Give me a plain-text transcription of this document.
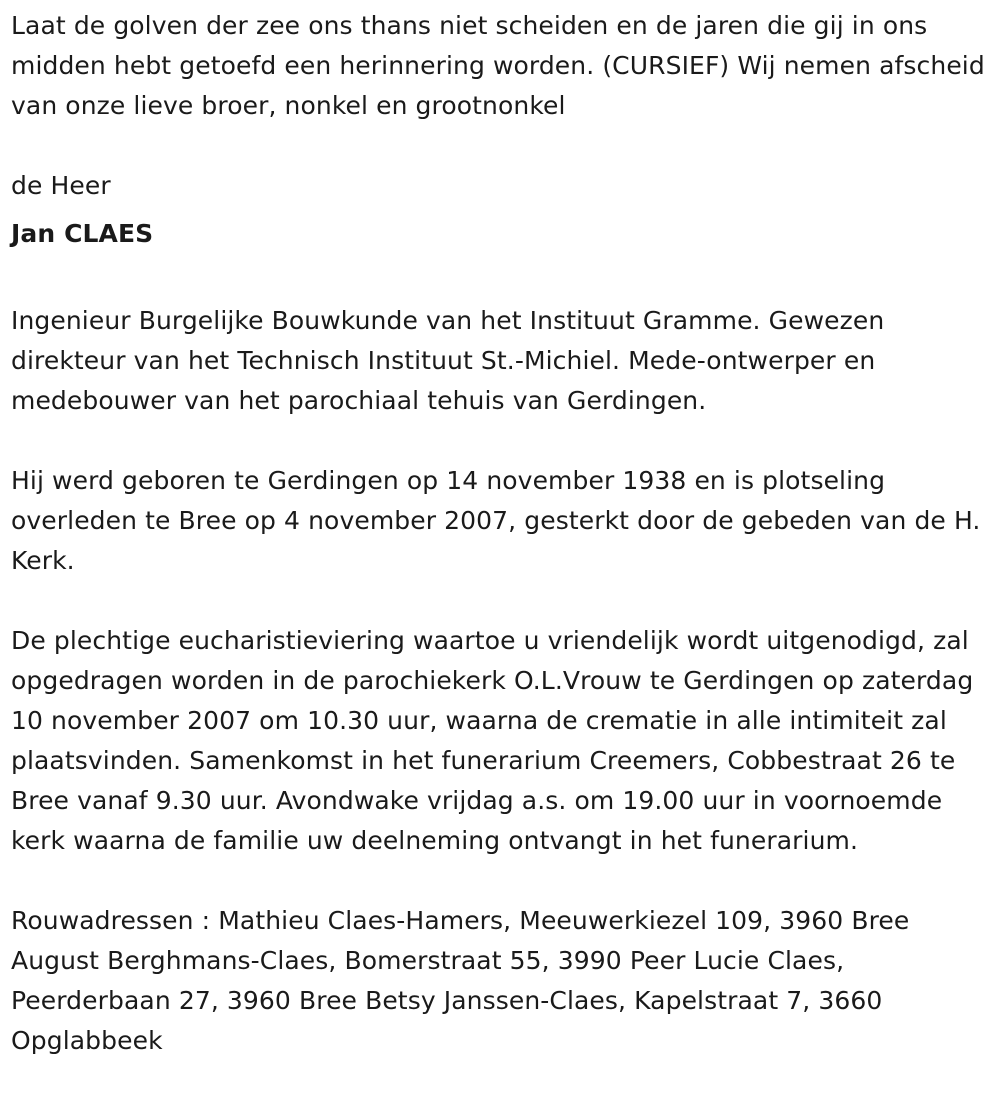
Laat de golven der zee ons thans niet scheiden en de jaren die gij in ons midden hebt getoefd een herinnering worden. (CURSIEF) Wij nemen afscheid van onze lieve broer, nonkel en grootnonkel

de Heer

Jan CLAES

Ingenieur Burgelijke Bouwkunde van het Instituut Gramme. Gewezen direkteur van het Technisch Instituut St.-Michiel. Mede-ontwerper en medebouwer van het parochiaal tehuis van Gerdingen.

Hij werd geboren te Gerdingen op 14 november 1938 en is plotseling overleden te Bree op 4 november 2007, gesterkt door de gebeden van de H. Kerk.

De plechtige eucharistieviering waartoe u vriendelijk wordt uitgenodigd, zal opgedragen worden in de parochiekerk O.L.Vrouw te Gerdingen op zaterdag 10 november 2007 om 10.30 uur, waarna de crematie in alle intimiteit zal plaatsvinden. Samenkomst in het funerarium Creemers, Cobbestraat 26 te Bree vanaf 9.30 uur. Avondwake vrijdag a.s. om 19.00 uur in voornoemde kerk waarna de familie uw deelneming ontvangt in het funerarium.

Rouwadressen : Mathieu Claes-Hamers, Meeuwerkiezel 109, 3960 Bree August Berghmans-Claes, Bomerstraat 55, 3990 Peer Lucie Claes, Peerderbaan 27, 3960 Bree Betsy Janssen-Claes, Kapelstraat 7, 3660 Opglabbeek
